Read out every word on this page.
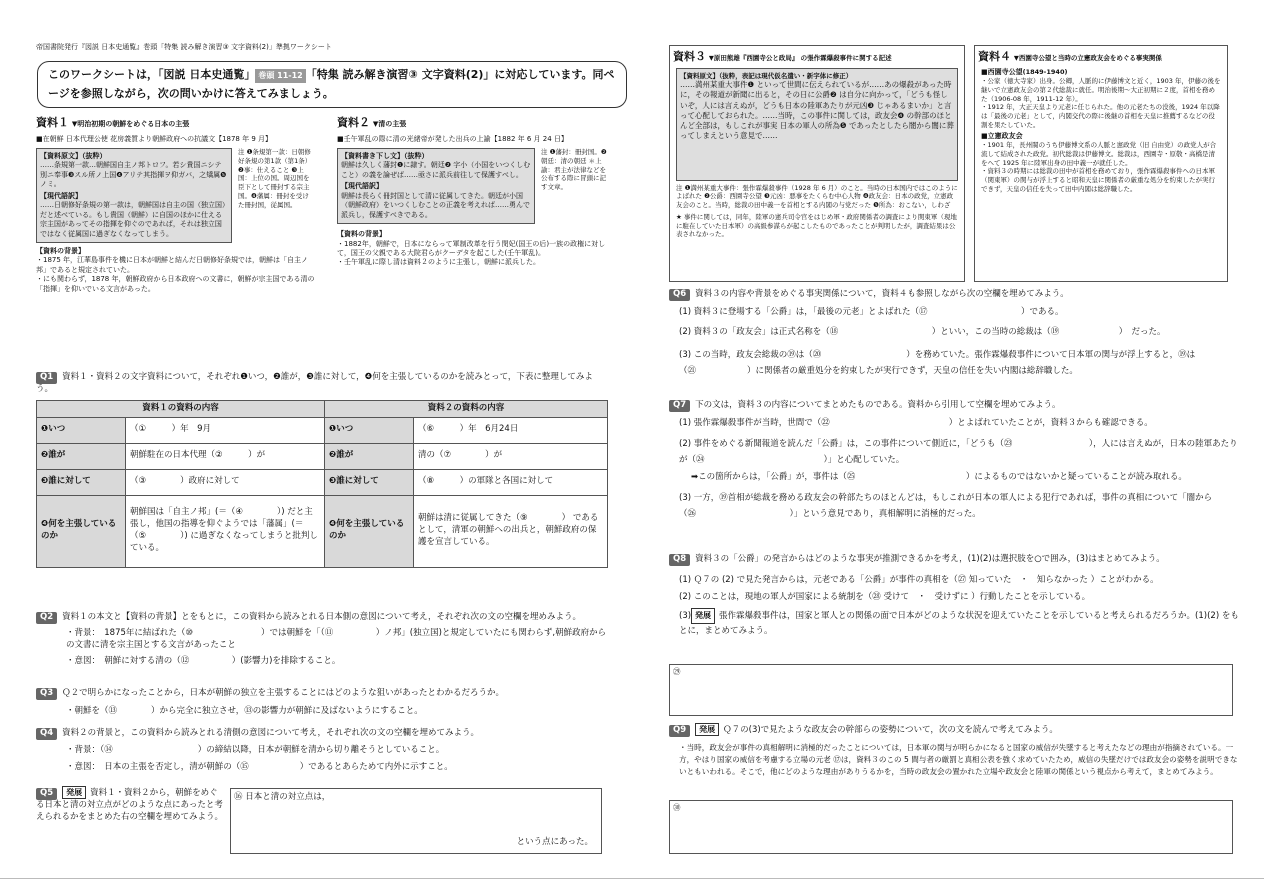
帝国書院発行『図説 日本史通覧』巻頭「特集 読み解き演習③ 文字資料(2)」準拠ワークシート
このワークシートは，「図説 日本史通覧」 巻頭 11-12 「特集 読み解き演習③ 文字資料(2)」に対応しています。同ページを参照しながら，次の問いかけに答えてみましょう。
資料１ ▼明治初期の朝鮮をめぐる日本の主張
■在朝鮮 日本代理公使 花房義質より朝鮮政府への抗議文【1878 年 9 月】
【資料原文】（抜粋）
……条規第一款…朝鮮国自主ノ邦トロフ。若シ貴国ニシテ別ニ奉事❸スル所ノ上国❹アリテ其指揮ヲ仰ガバ，之矯属❺ノミ。
【現代語訳】
……日朝修好条規の第一款は，朝鮮国は自主の国（独立国）だと述べている。もし貴国（朝鮮）に自国のほかに仕える宗主国があってその指揮を仰ぐのであれば，それは独立国ではなく従属国に過ぎなくなってしまう。
注 ❶条規第一款：日朝修好条規の第1款（第1条）❷事：仕えること ❸上国：上位の国。周辺国を臣下として冊封する宗主国。❹藩属：冊封を受けた冊封国，従属国。
【資料の背景】
・1875 年，江華島事件を機に日本が朝鮮と結んだ日朝修好条規では，朝鮮は「自主ノ邦」であると規定されていた。
・にも関わらず，1878 年，朝鮮政府から日本政府への文書に，朝鮮が宗主国である清の「指揮」を仰いでいる文言があった。
資料２ ▼清の主張
■壬午軍乱の際に清の光緒帝が発した出兵の上諭【1882 年 6 月 24 日】
【資料書き下し文】（抜粋）
朝鮮は久しく藩封❶に隷す。朝廷❷ 字小（小国をいつくしむこと）の義を論ぜば……亟さに派兵前往して保護すべし。
【現代語訳】
朝鮮は長らく冊封国として清に従属してきた。朝廷が小国（朝鮮政府）をいつくしむことの正義を考えれば……勇んで派兵し，保護すべきである。
注 ❶藩封：冊封国。❷朝廷：清の朝廷 ＊上諭：君主が法律などを公布する際に冒頭に記す文章。
【資料の背景】
・1882年，朝鮮で，日本にならって軍制改革を行う閔妃(国王の后)一族の政権に対して，国王の父親である大院君らがクーデタを起こした(壬午軍乱)。
・壬午軍乱に際し清は資料２のように主張し，朝鮮に派兵した。
Q1 資料１・資料２の文字資料について，それぞれ❶いつ，❷誰が，❸誰に対して，❹何を主張しているのかを読みとって，下表に整理してみよう。
資料１の資料の内容		資料２の資料の内容	
❶いつ	（①　　　）年　9月	❶いつ	（⑥　　　）年　6月24日
❷誰が	朝鮮駐在の日本代理（②　　　）が	❷誰が	清の（⑦　　　　）が
❸誰に対して	（③　　　　）政府に対して	❸誰に対して	（⑧　　　）の軍隊と各国に対して
❹何を主張しているのか	朝鮮国は「自主ノ邦」(＝（④　　　　）) だと主張し，他国の指導を仰ぐようでは「藩属」(＝（⑤　　　　）) に過ぎなくなってしまうと批判している。	❹何を主張しているのか	朝鮮は清に従属してきた（⑨　　　　） であるとして，清軍の朝鮮への出兵と，朝鮮政府の保護を宣言している。
Q2 資料１の本文と【資料の背景】とをもとに，この資料から読みとれる日本側の意図について考え，それぞれ次の文の空欄を埋めみよう。
・背景：　1875年に結ばれた（⑩　　　　　　　　）では朝鮮を「（⑪　　　　　）ノ邦」(独立国)と規定していたにも関わらず,朝鮮政府からの文書に清を宗主国とする文言があったこと
・意図：　朝鮮に対する清の（⑫　　　　　）(影響力)を排除すること。
Q3 Ｑ２で明らかになったことから，日本が朝鮮の独立を主張することにはどのような狙いがあったとわかるだろうか。
・朝鮮を（⑬　　　　）から完全に独立させ，⑬の影響力が朝鮮に及ばないようにすること。
Q4 資料２の背景と，この資料から読みとれる清側の意図について考え，それぞれ次の文の空欄を埋めてみよう。
・背景：（⑭　　　　　　　　　　）の締結以降，日本が朝鮮を清から切り離そうとしていること。
・意図：　日本の主張を否定し，清が朝鮮の（⑮　　　　　　）であるとあらためて内外に示すこと。
Q5 発展 資料１・資料２から，朝鮮をめぐる日本と清の対立点がどのような点にあったと考えられるかをまとめた右の空欄を埋めてみよう。
⑯ 日本と清の対立点は，
という点にあった。
資料３ ▼原田熊雄『西園寺公と政局』 の張作霖爆殺事件に関する記述
【資料原文】（抜粋，表記は現代仮名遣い・新字体に修正）
……満州某重大事件❶ といって世間に伝えられているが……あの爆殺があった時に，その報道が新聞に出ると，その日に公爵❷ は自分に向かって，「どうも怪しいぞ，人には言えぬが，どうも日本の陸軍あたりが元凶❸ じゃあるまいか」と言って心配しておられた。……当時，この事件に関しては，政友会❹ の幹部のほとんど全部は，もしこれが事実 日本の軍人の所為❺ であったとしたら闇から闇に葬ってしまえという意見で……
注 ❶満州某重大事件：張作霖爆殺事件（1928 年 6 月）のこと。当時の日本国内ではこのようによばれた ❷公爵：西園寺公望 ❸元凶：悪事をたくらむ中心人物 ❹政友会：日本の政党，立憲政友会のこと。当時，総裁の田中義一を首相とする内閣の与党だった ❺所為：おこない，しわざ
★ 事件に関しては，同年，陸軍の憲兵司令官をはじめ軍・政府関係者の調査により関東軍（現地に駐在していた日本軍）の高級参謀らが起こしたものであったことが判明したが，調査結果は公表されなかった。
資料４ ▼西園寺公望と当時の立憲政友会をめぐる事実関係
■西園寺公望(1849-1940)
・公家（徳大寺家）出身。公卿，人脈的に伊藤博文と近く，1903 年，伊藤の後を継いで立憲政友会の第２代総裁に就任。明治後期〜大正初期に２度，首相を務めた（1906-08 年，1911-12 年）。
・1912 年，大正天皇より元老に任じられた。他の元老たちの没後，1924 年以降は「最後の元老」として，内閣交代の際に後継の首相を天皇に推薦するなどの役割を果たしていた。
■立憲政友会
・1901 年，長州閥のうち伊藤博文系の人脈と憲政党（旧 自由党）の政党人が合流して結成された政党。初代総裁は伊藤博文。総裁は，西園寺・原敬・高橋是清をへて 1925 年に陸軍出身の田中義一が就任した。
・資料３の時期には総裁の田中が首相を務めており，張作霖爆殺事件への日本軍（関東軍）の関与が浮上すると昭和天皇に関係者の厳重な処分を約束したが実行できず，天皇の信任を失って田中内閣は総辞職した。
Q6 資料３の内容や背景をめぐる事実関係について，資料４も参照しながら次の空欄を埋めてみよう。
(1) 資料３に登場する「公爵」は，「最後の元老」とよばれた（⑰　　　　　　　　　　　）である。
(2) 資料３の「政友会」は正式名称を（⑱　　　　　　　　　　　）といい，この当時の総裁は（⑲　　　　　　　）　だった。
(3) この当時，政友会総裁の⑲は（⑳　　　　　　　　　　）を務めていた。張作霖爆殺事件について日本軍の関与が浮上すると，⑲は（㉑　　　　　　）に関係者の厳重処分を約束したが実行できず，天皇の信任を失い内閣は総辞職した。
Q7 下の文は，資料３の内容についてまとめたものである。資料から引用して空欄を埋めてみよう。
(1) 張作霖爆殺事件が当時，世間で（㉒　　　　　　　　　　　　　　）とよばれていたことが，資料３からも確認できる。
(2) 事件をめぐる新聞報道を読んだ「公爵」は，この事件について側近に，「どうも（㉓　　　　　　　　　），人には言えぬが，日本の陸軍あたりが（㉔　　　　　　　　　　　　　　）」と心配していた。
➡この箇所からは，「公爵」が，事件は（㉕　　　　　　　　　　　　　）によるものではないかと疑っていることが読み取れる。
(3) 一方，⑲首相が総裁を務める政友会の幹部たちのほとんどは，もしこれが日本の軍人による犯行であれば，事件の真相について「闇から（㉖　　　　　　　　　　　）」という意見であり，真相解明に消極的だった。
Q8 資料３の「公爵」の発言からはどのような事実が推測できるかを考え，(1)(2)は選択肢を○で囲み，(3)はまとめてみよう。
(1) Ｑ７の (2) で見た発言からは，元老である「公爵」が事件の真相を（㉗ 知っていた　・　知らなかった ）ことがわかる。
(2) このことは，現地の軍人が国家による統制を（㉘ 受けて　・　受けずに ）行動したことを示している。
(3) 発展 張作霖爆殺事件は，国家と軍人との関係の面で日本がどのような状況を迎えていたことを示していると考えられるだろうか。(1)(2) をもとに，まとめてみよう。
㉙
Q9 発展 Ｑ７の(3)で見たような政友会の幹部らの姿勢について，次の文を読んで考えてみよう。
・当時，政友会が事件の真相解明に消極的だったことについては，日本軍の関与が明らかになると国家の威信が失墜すると考えたなどの理由が指摘されている。一方，やはり国家の威信を考慮する立場の元老 ⑰は，資料３のこの 5 間与者の厳罰と真相公表を強く求めていたため，威信の失墜だけでは政友会の姿勢を説明できないともいわれる。そこで，他にどのような理由がありうるかを，当時の政友会の置かれた立場や政友会と陸軍の関係という視点から考えて，まとめてみよう。
㉚
